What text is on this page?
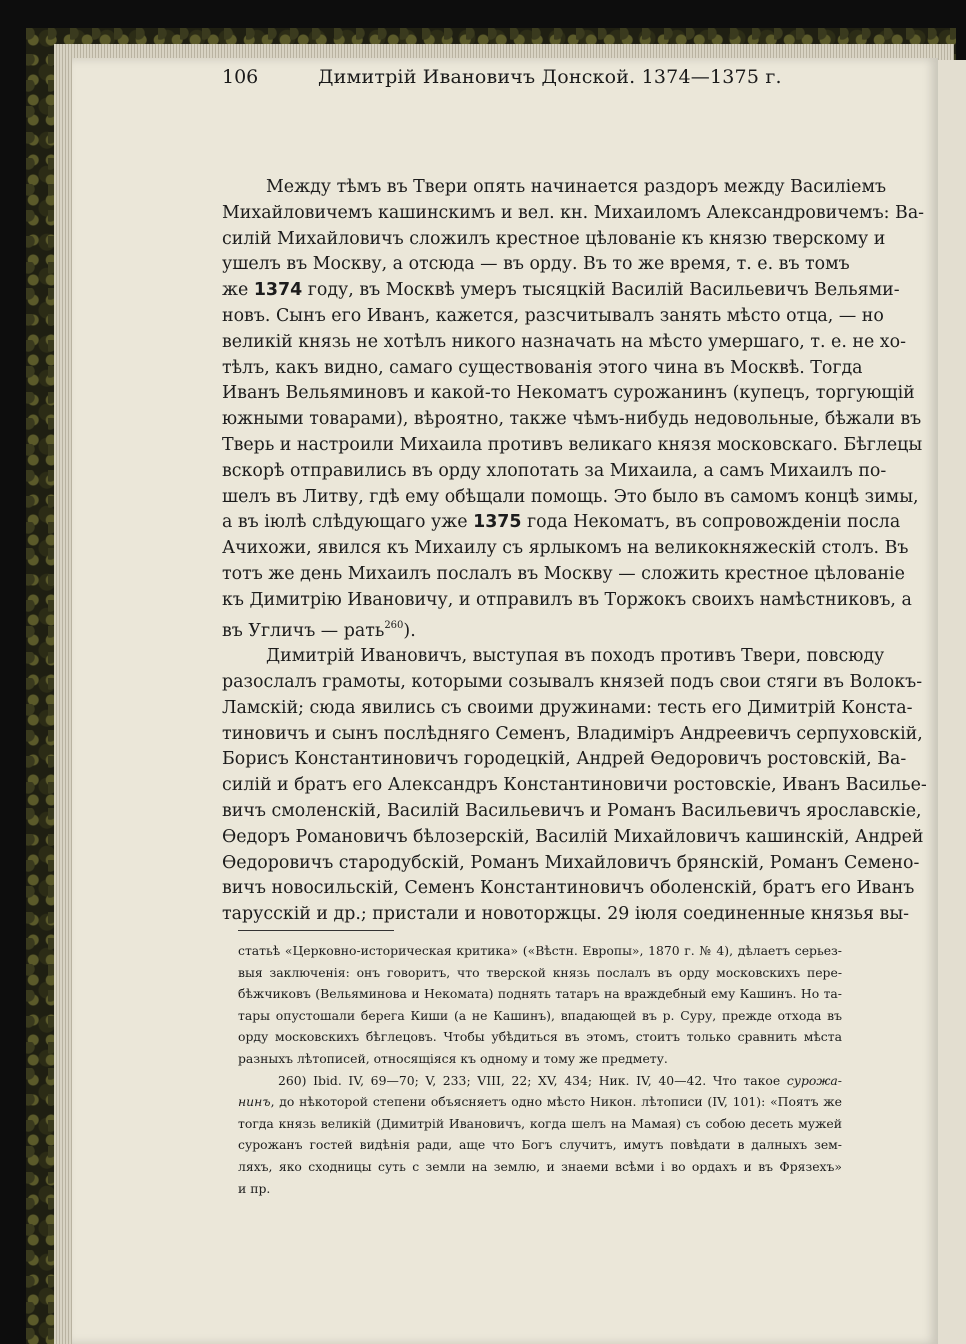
106	Димитрій Ивановичъ Донской. 1374—1375 г.
Между тѣмъ въ Твери опять начинается раздоръ между Василіемъ
Михайловичемъ кашинскимъ и вел. кн. Михаиломъ Александровичемъ: Ва-
силій Михайловичъ сложилъ крестное цѣлованіе къ князю тверскому и
ушелъ въ Москву, а отсюда — въ орду. Въ то же время, т. е. въ томъ
же 1374 году, въ Москвѣ умеръ тысяцкій Василій Васильевичъ Вельями-
новъ. Сынъ его Иванъ, кажется, разсчитывалъ занять мѣсто отца, — но
великій князь не хотѣлъ никого назначать на мѣсто умершаго, т. е. не хо-
тѣлъ, какъ видно, самаго существованія этого чина въ Москвѣ. Тогда
Иванъ Вельяминовъ и какой-то Некоматъ сурожанинъ (купецъ, торгующій
южными товарами), вѣроятно, также чѣмъ-нибудь недовольные, бѣжали въ
Тверь и настроили Михаила противъ великаго князя московскаго. Бѣглецы
вскорѣ отправились въ орду хлопотать за Михаила, а самъ Михаилъ по-
шелъ въ Литву, гдѣ ему обѣщали помощь. Это было въ самомъ концѣ зимы,
а въ іюлѣ слѣдующаго уже 1375 года Некоматъ, въ сопровожденіи посла
Ачихожи, явился къ Михаилу съ ярлыкомъ на великокняжескій столъ. Въ
тотъ же день Михаилъ послалъ въ Москву — сложить крестное цѣлованіе
къ Димитрію Ивановичу, и отправилъ въ Торжокъ своихъ намѣстниковъ, а
въ Угличъ — рать$^{260}$).
Димитрій Ивановичъ, выступая въ походъ противъ Твери, повсюду
разослалъ грамоты, которыми созывалъ князей подъ свои стяги въ Волокъ-
Ламскій; сюда явились съ своими дружинами: тесть его Димитрій Конста-
тиновичъ и сынъ послѣдняго Семенъ, Владиміръ Андреевичъ серпуховскій,
Борисъ Константиновичъ городецкій, Андрей Ѳедоровичъ ростовскій, Ва-
силій и братъ его Александръ Константиновичи ростовскіе, Иванъ Василье-
вичъ смоленскій, Василій Васильевичъ и Романъ Васильевичъ ярославскіе,
Ѳедоръ Романовичъ бѣлозерскій, Василій Михайловичъ кашинскій, Андрей
Ѳедоровичъ стародубскій, Романъ Михайловичъ брянскій, Романъ Семено-
вичъ новосильскій, Семенъ Константиновичъ оболенскій, братъ его Иванъ
тарусскій и др.; пристали и новоторжцы. 29 іюля соединенные князья вы-
статьѣ «Церковно-историческая критика» («Вѣстн. Европы», 1870 г. № 4), дѣлаетъ серьез-
выя заключенія: онъ говоритъ, что тверской князь послалъ въ орду московскихъ пере-
бѣжчиковъ (Вельяминова и Некомата) поднять татаръ на враждебный ему Кашинъ. Но та-
тары опустошали берега Киши (а не Кашинъ), впадающей въ р. Суру, прежде отхода въ
орду московскихъ бѣглецовъ. Чтобы убѣдиться въ этомъ, стоитъ только сравнить мѣста
разныхъ лѣтописей, относящіяся къ одному и тому же предмету.
260) Ibid. IV, 69—70; V, 233; VIII, 22; XV, 434; Ник. IV, 40—42. Что такое сурожа-
нинъ, до нѣкоторой степени объясняетъ одно мѣсто Никон. лѣтописи (IV, 101): «Поятъ же
тогда князь великій (Димитрій Ивановичъ, когда шелъ на Мамая) съ собою десеть мужей
сурожанъ гостей видѣнія ради, аще что Богъ случитъ, имутъ повѣдати в далныхъ зем-
ляхъ, яко сходницы суть с земли на землю, и знаеми всѣми і во ордахъ и въ Фрязехъ»
и пр.
